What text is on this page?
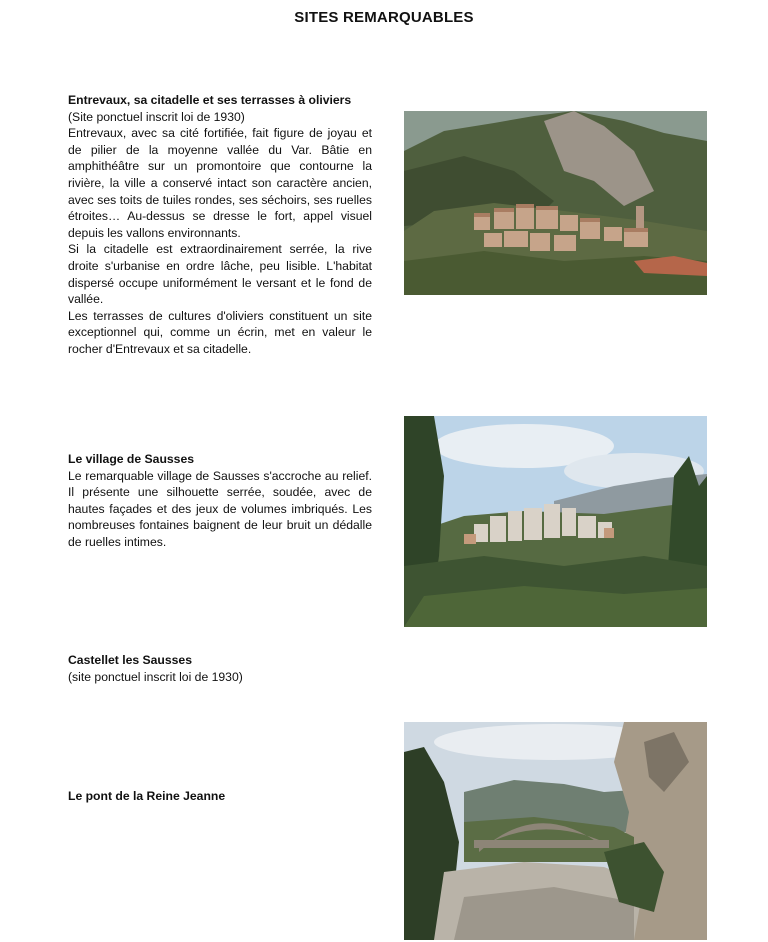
SITES REMARQUABLES
Entrevaux, sa citadelle et ses terrasses à oliviers
(Site ponctuel inscrit loi de 1930)

Entrevaux, avec sa cité fortifiée, fait figure de joyau et de pilier de la moyenne vallée du Var. Bâtie en amphithéâtre sur un promontoire que contourne la rivière, la ville a conservé intact son caractère ancien, avec ses toits de tuiles rondes, ses séchoirs, ses ruelles étroites… Au-dessus se dresse le fort, appel visuel depuis les vallons environnants.

Si la citadelle est extraordinairement serrée, la rive droite s'urbanise en ordre lâche, peu lisible. L'habitat dispersé occupe uniformément le versant et le fond de vallée.

Les terrasses de cultures d'oliviers constituent un site exceptionnel qui, comme un écrin, met en valeur le rocher d'Entrevaux et sa citadelle.

Le village de Sausses

Le remarquable village de Sausses s'accroche au relief. Il présente une silhouette serrée, soudée, avec de hautes façades et des jeux de volumes imbriqués. Les nombreuses fontaines baignent de leur bruit un dédalle de ruelles intimes.

Castellet les Sausses
(site ponctuel inscrit loi de 1930)
Le pont de la Reine Jeanne
